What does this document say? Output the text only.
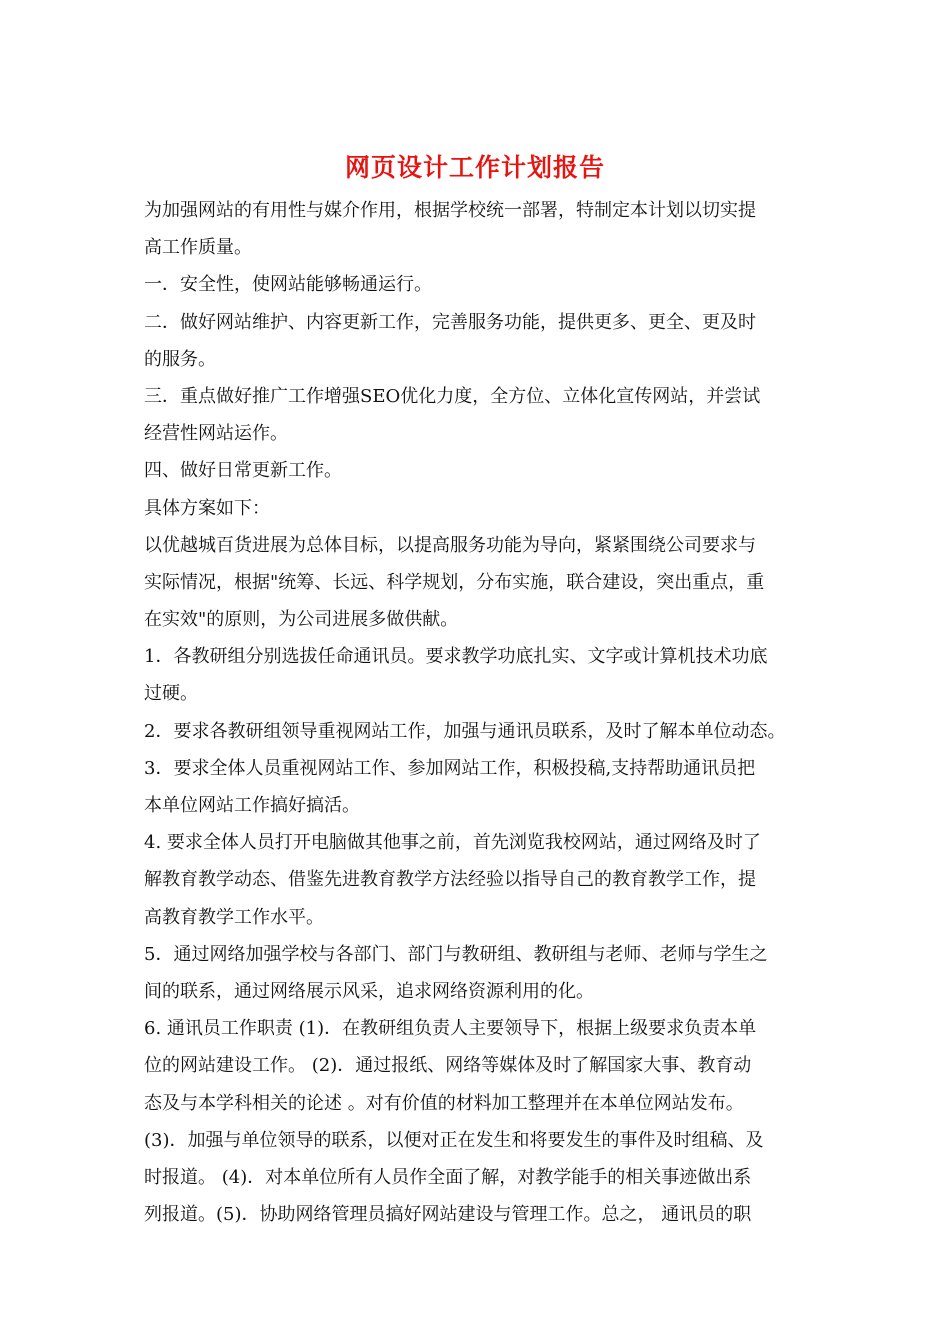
网页设计工作计划报告
为加强网站的有用性与媒介作用，根据学校统一部署，特制定本计划以切实提
高工作质量。
一．安全性，使网站能够畅通运行。
二．做好网站维护、内容更新工作，完善服务功能，提供更多、更全、更及时
的服务。
三．重点做好推广工作增强SEO优化力度，全方位、立体化宣传网站，并尝试
经营性网站运作。
四、做好日常更新工作。
具体方案如下：
以优越城百货进展为总体目标，以提高服务功能为导向，紧紧围绕公司要求与
实际情况，根据"统筹、长远、科学规划，分布实施，联合建设，突出重点，重
在实效"的原则，为公司进展多做供献。
1．各教研组分别选拔任命通讯员。要求教学功底扎实、文字或计算机技术功底
过硬。
2．要求各教研组领导重视网站工作，加强与通讯员联系，及时了解本单位动态。
3．要求全体人员重视网站工作、参加网站工作，积极投稿,支持帮助通讯员把
本单位网站工作搞好搞活。
4. 要求全体人员打开电脑做其他事之前，首先浏览我校网站，通过网络及时了
解教育教学动态、借鉴先进教育教学方法经验以指导自己的教育教学工作，提
高教育教学工作水平。
5．通过网络加强学校与各部门、部门与教研组、教研组与老师、老师与学生之
间的联系，通过网络展示风采，追求网络资源利用的化。
6. 通讯员工作职责 (1)．在教研组负责人主要领导下，根据上级要求负责本单
位的网站建设工作。 (2)．通过报纸、网络等媒体及时了解国家大事、教育动
态及与本学科相关的论述 。对有价值的材料加工整理并在本单位网站发布。
(3)．加强与单位领导的联系，以便对正在发生和将要发生的事件及时组稿、及
时报道。 (4)．对本单位所有人员作全面了解，对教学能手的相关事迹做出系
列报道。(5)．协助网络管理员搞好网站建设与管理工作。总之， 通讯员的职
